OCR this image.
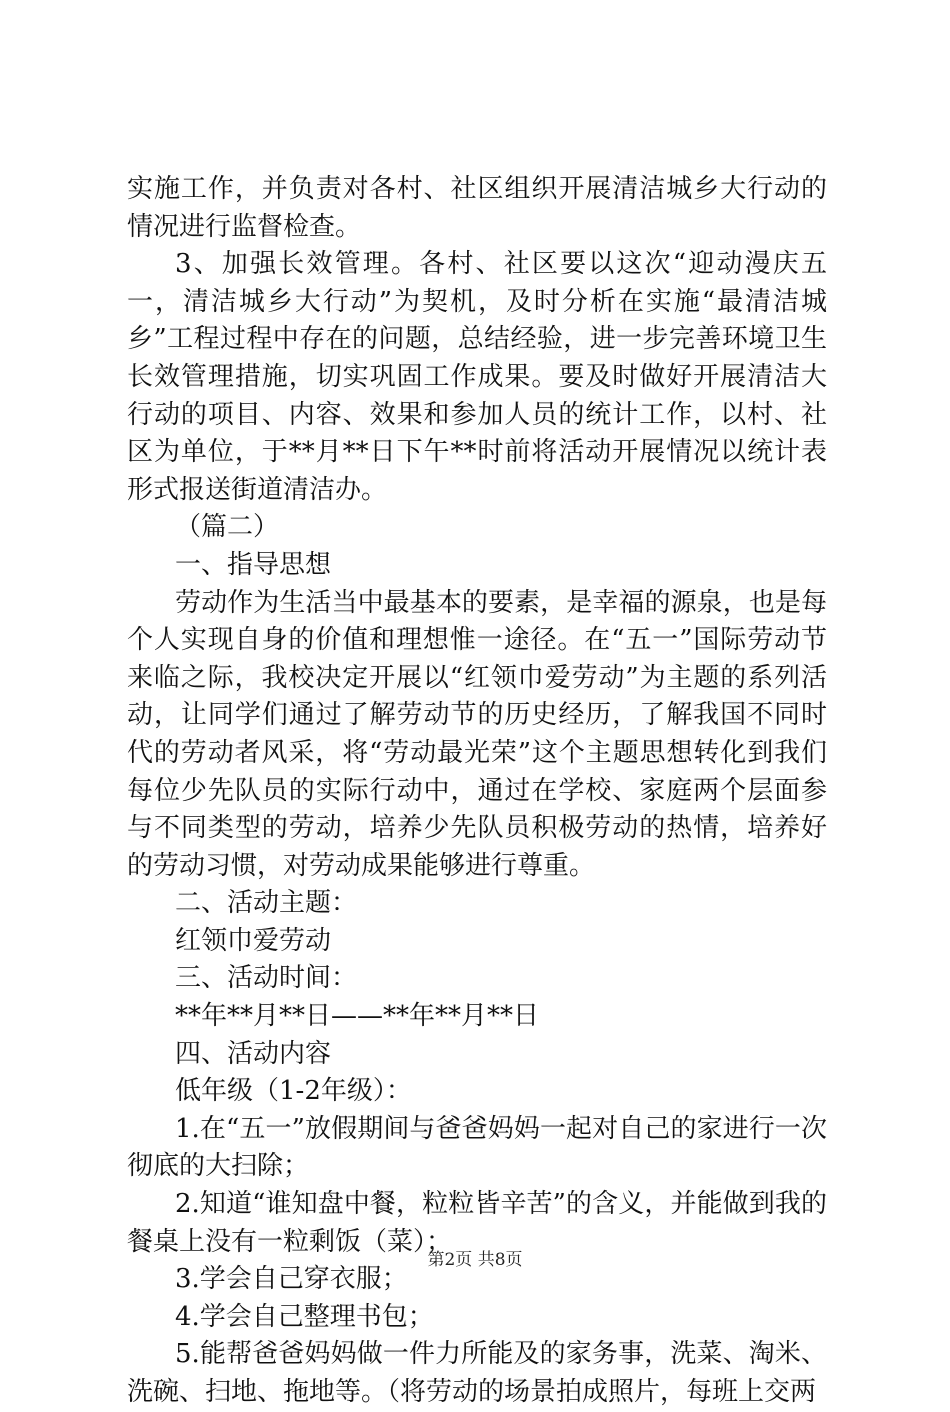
实施工作，并负责对各村、社区组织开展清洁城乡大行动的情况进行监督检查。

3、加强长效管理。各村、社区要以这次“迎动漫庆五一，清洁城乡大行动”为契机，及时分析在实施“最清洁城乡”工程过程中存在的问题，总结经验，进一步完善环境卫生长效管理措施，切实巩固工作成果。要及时做好开展清洁大行动的项目、内容、效果和参加人员的统计工作，以村、社区为单位，于**月**日下午**时前将活动开展情况以统计表形式报送街道清洁办。

（篇二）

一、指导思想

劳动作为生活当中最基本的要素，是幸福的源泉，也是每个人实现自身的价值和理想惟一途径。在“五一”国际劳动节来临之际，我校决定开展以“红领巾爱劳动”为主题的系列活动，让同学们通过了解劳动节的历史经历，了解我国不同时代的劳动者风采，将“劳动最光荣”这个主题思想转化到我们每位少先队员的实际行动中，通过在学校、家庭两个层面参与不同类型的劳动，培养少先队员积极劳动的热情，培养好的劳动习惯，对劳动成果能够进行尊重。

二、活动主题：

红领巾爱劳动

三、活动时间：

**年**月**日——**年**月**日

四、活动内容

低年级（1-2年级）：

1.在“五一”放假期间与爸爸妈妈一起对自己的家进行一次彻底的大扫除；

2.知道“谁知盘中餐，粒粒皆辛苦”的含义，并能做到我的餐桌上没有一粒剩饭（菜）；

3.学会自己穿衣服；

4.学会自己整理书包；

5.能帮爸爸妈妈做一件力所能及的家务事，洗菜、淘米、洗碗、扫地、拖地等。（将劳动的场景拍成照片，每班上交两

第2页 共8页
